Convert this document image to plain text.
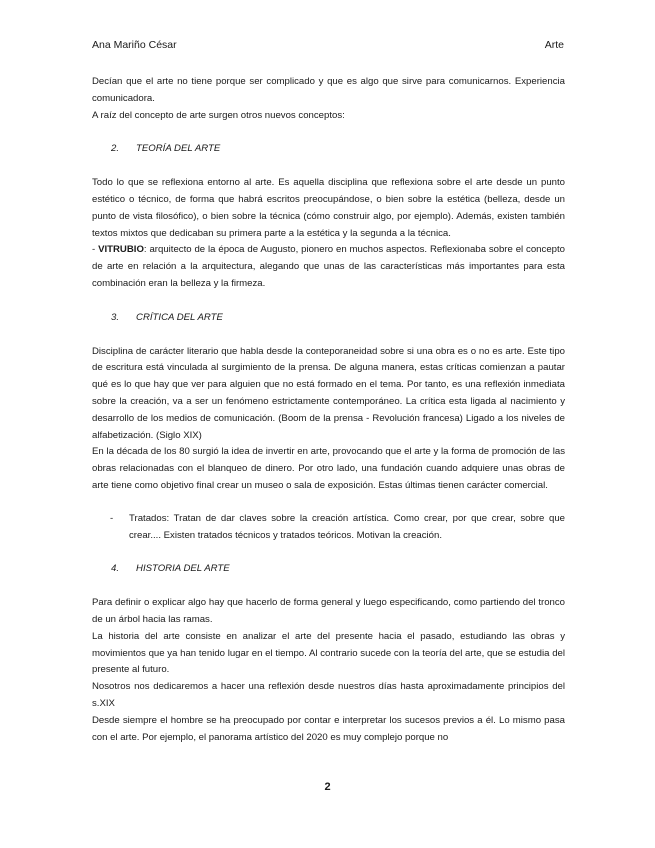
Ana Mariño César	Arte

Decían que el arte no tiene porque ser complicado y que es algo que sirve para comunicarnos. Experiencia comunicadora.

A raíz del concepto de arte surgen otros nuevos conceptos:

2. TEORÍA DEL ARTE

Todo lo que se reflexiona entorno al arte. Es aquella disciplina que reflexiona sobre el arte desde un punto estético o técnico, de forma que habrá escritos preocupándose, o bien sobre la estética (belleza, desde un punto de vista filosófico), o bien sobre la técnica (cómo construir algo, por ejemplo). Además, existen también textos mixtos que dedicaban su primera parte a la estética y la segunda a la técnica.

- VITRUBIO: arquitecto de la época de Augusto, pionero en muchos aspectos. Reflexionaba sobre el concepto de arte en relación a la arquitectura, alegando que unas de las características más importantes para esta combinación eran la belleza y la firmeza.

3. CRÍTICA DEL ARTE

Disciplina de carácter literario que habla desde la conteporaneidad sobre si una obra es o no es arte. Este tipo de escritura está vinculada al surgimiento de la prensa. De alguna manera, estas críticas comienzan a pautar qué es lo que hay que ver para alguien que no está formado en el tema. Por tanto, es una reflexión inmediata sobre la creación, va a ser un fenómeno estrictamente contemporáneo. La crítica esta ligada al nacimiento y desarrollo de los medios de comunicación. (Boom de la prensa - Revolución francesa) Ligado a los niveles de alfabetización. (Siglo XIX)

En la década de los 80 surgió la idea de invertir en arte, provocando que el arte y la forma de promoción de las obras relacionadas con el blanqueo de dinero. Por otro lado, una fundación cuando adquiere unas obras de arte tiene como objetivo final crear un museo o sala de exposición. Estas últimas tienen carácter comercial.

-	Tratados: Tratan de dar claves sobre la creación artística. Como crear, por que crear, sobre que crear.... Existen tratados técnicos y tratados teóricos. Motivan la creación.

4. HISTORIA DEL ARTE

Para definir o explicar algo hay que hacerlo de forma general y luego especificando, como partiendo del tronco de un árbol hacia las ramas.

La historia del arte consiste en analizar el arte del presente hacia el pasado, estudiando las obras y movimientos que ya han tenido lugar en el tiempo. Al contrario sucede con la teoría del arte, que se estudia del presente al futuro.

Nosotros nos dedicaremos a hacer una reflexión desde nuestros días hasta aproximadamente principios del s.XIX

Desde siempre el hombre se ha preocupado por contar e interpretar los sucesos previos a él. Lo mismo pasa con el arte. Por ejemplo, el panorama artístico del 2020 es muy complejo porque no

2
